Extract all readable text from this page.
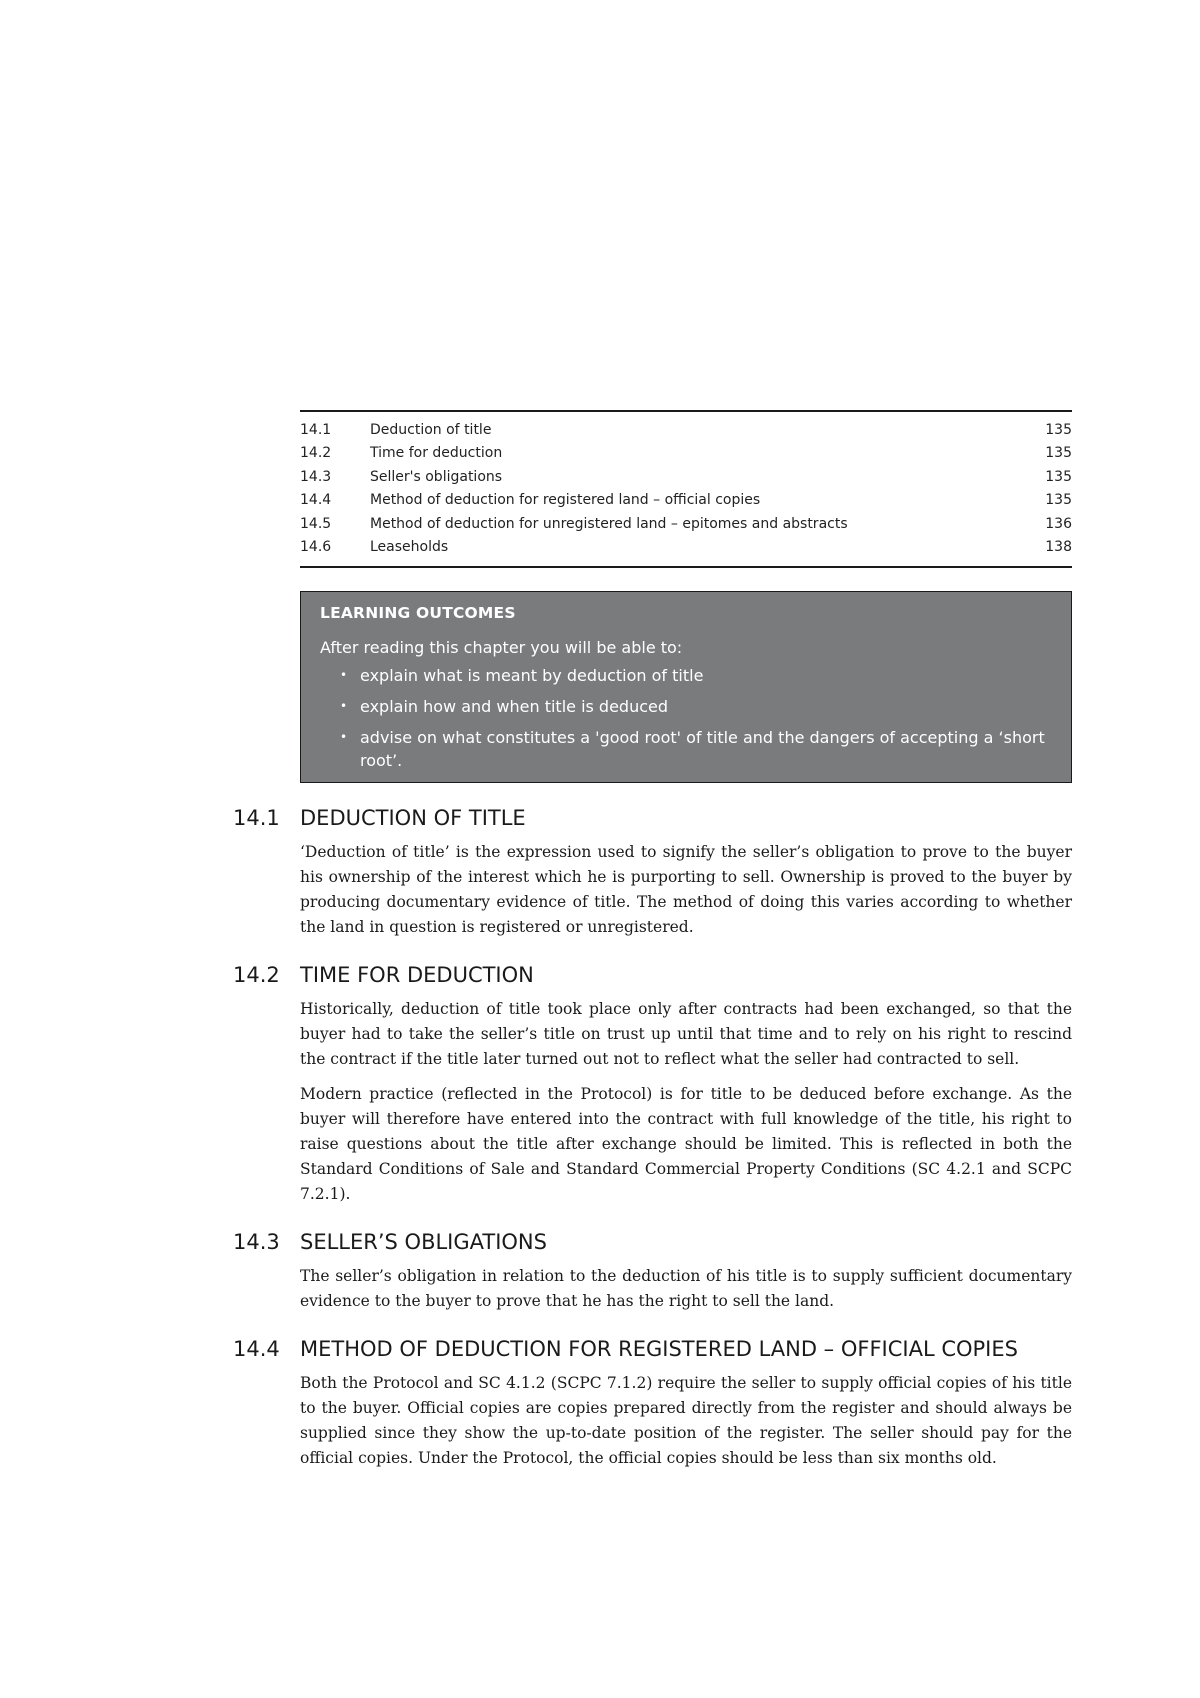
14.1	Deduction of title	135
14.2	Time for deduction	135
14.3	Seller's obligations	135
14.4	Method of deduction for registered land – official copies	135
14.5	Method of deduction for unregistered land – epitomes and abstracts	136
14.6	Leaseholds	138
LEARNING OUTCOMES
After reading this chapter you will be able to:
• explain what is meant by deduction of title
• explain how and when title is deduced
• advise on what constitutes a 'good root' of title and the dangers of accepting a ‘short root’.
14.1 DEDUCTION OF TITLE

‘Deduction of title’ is the expression used to signify the seller’s obligation to prove to the buyer his ownership of the interest which he is purporting to sell. Ownership is proved to the buyer by producing documentary evidence of title. The method of doing this varies according to whether the land in question is registered or unregistered.

14.2 TIME FOR DEDUCTION

Historically, deduction of title took place only after contracts had been exchanged, so that the buyer had to take the seller’s title on trust up until that time and to rely on his right to rescind the contract if the title later turned out not to reflect what the seller had contracted to sell.

Modern practice (reflected in the Protocol) is for title to be deduced before exchange. As the buyer will therefore have entered into the contract with full knowledge of the title, his right to raise questions about the title after exchange should be limited. This is reflected in both the Standard Conditions of Sale and Standard Commercial Property Conditions (SC 4.2.1 and SCPC 7.2.1).

14.3 SELLER’S OBLIGATIONS

The seller’s obligation in relation to the deduction of his title is to supply sufficient documentary evidence to the buyer to prove that he has the right to sell the land.

14.4 METHOD OF DEDUCTION FOR REGISTERED LAND – OFFICIAL COPIES

Both the Protocol and SC 4.1.2 (SCPC 7.1.2) require the seller to supply official copies of his title to the buyer. Official copies are copies prepared directly from the register and should always be supplied since they show the up-to-date position of the register. The seller should pay for the official copies. Under the Protocol, the official copies should be less than six months old.
